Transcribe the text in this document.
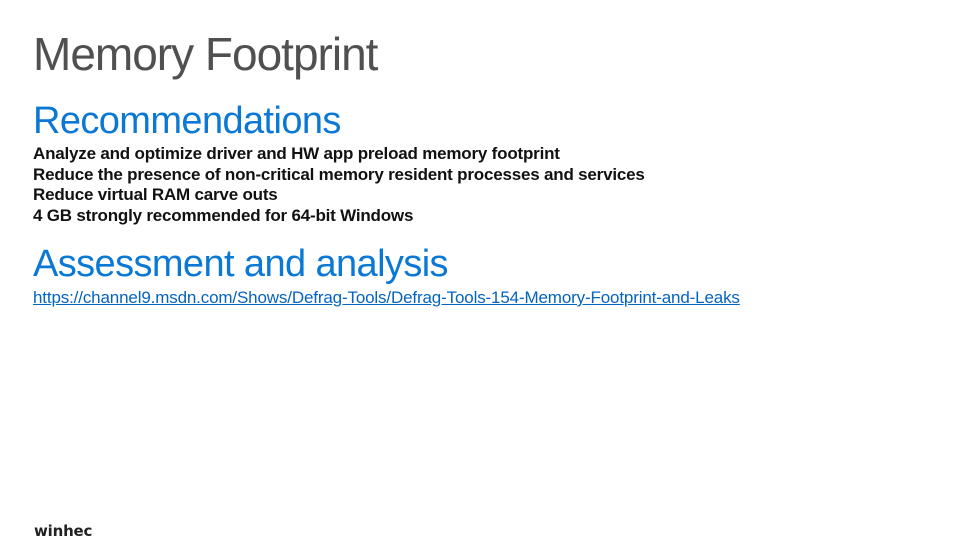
Memory Footprint
Recommendations
Analyze and optimize driver and HW app preload memory footprint
Reduce the presence of non-critical memory resident processes and services
Reduce virtual RAM carve outs
4 GB strongly recommended for 64-bit Windows
Assessment and analysis
https://channel9.msdn.com/Shows/Defrag-Tools/Defrag-Tools-154-Memory-Footprint-and-Leaks
winhec
